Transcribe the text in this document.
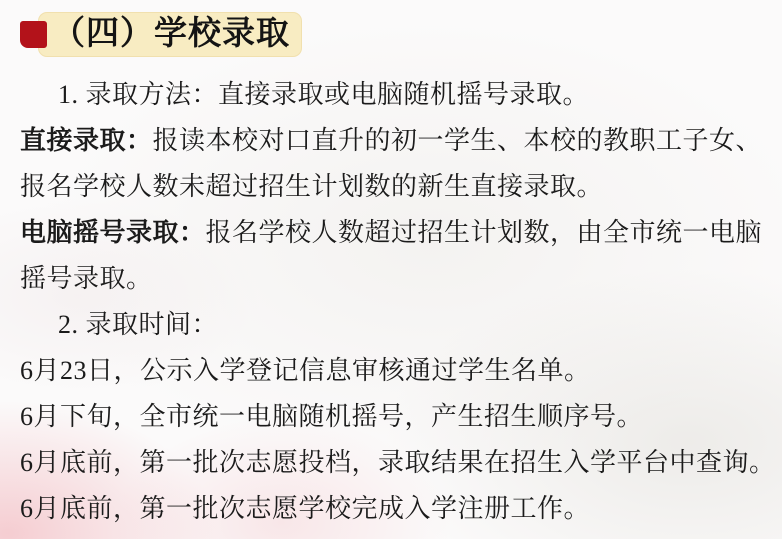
（四）学校录取
1. 录取方法：直接录取或电脑随机摇号录取。
直接录取：报读本校对口直升的初一学生、本校的教职工子女、
报名学校人数未超过招生计划数的新生直接录取。
电脑摇号录取：报名学校人数超过招生计划数，由全市统一电脑
摇号录取。
2. 录取时间：
6月23日，公示入学登记信息审核通过学生名单。
6月下旬，全市统一电脑随机摇号，产生招生顺序号。
6月底前，第一批次志愿投档，录取结果在招生入学平台中查询。
6月底前，第一批次志愿学校完成入学注册工作。
